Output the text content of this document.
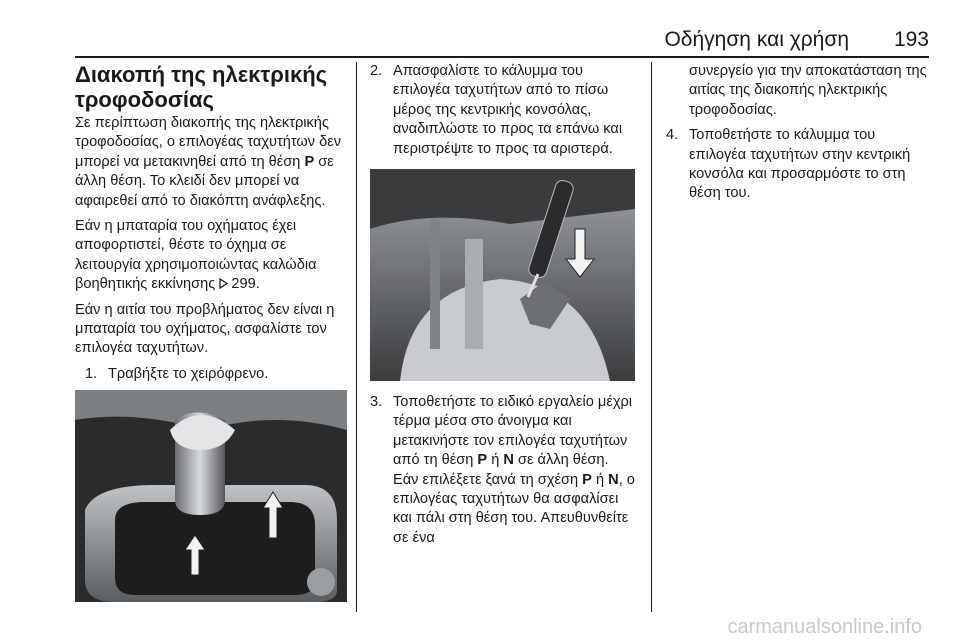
Οδήγηση και χρήση 193
Διακοπή της ηλεκτρικής
τροφοδοσίας

Σε περίπτωση διακοπής της ηλεκτρικής τροφοδοσίας, ο επιλογέας ταχυτήτων δεν μπορεί να μετακινηθεί από τη θέση P σε άλλη θέση. Το κλειδί δεν μπορεί να αφαιρεθεί από το διακόπτη ανάφλεξης.

Εάν η μπαταρία του οχήματος έχει αποφορτιστεί, θέστε το όχημα σε λειτουργία χρησιμοποιώντας καλώδια βοηθητικής εκκίνησης 299.

Εάν η αιτία του προβλήματος δεν είναι η μπαταρία του οχήματος, ασφαλίστε τον επιλογέα ταχυτήτων.

1. Τραβήξτε το χειρόφρενο.
2. Απασφαλίστε το κάλυμμα του επιλογέα ταχυτήτων από το πίσω μέρος της κεντρικής κονσόλας, αναδιπλώστε το προς τα επάνω και περιστρέψτε το προς τα αριστερά.
3. Τοποθετήστε το ειδικό εργαλείο μέχρι τέρμα μέσα στο άνοιγμα και μετακινήστε τον επιλογέα ταχυτήτων από τη θέση P ή N σε άλλη θέση. Εάν επιλέξετε ξανά τη σχέση P ή N, ο επιλογέας ταχυτήτων θα ασφαλίσει και πάλι στη θέση του. Απευθυνθείτε σε ένα
συνεργείο για την αποκατάσταση της αιτίας της διακοπής ηλεκτρικής τροφοδοσίας.
4. Τοποθετήστε το κάλυμμα του επιλογέα ταχυτήτων στην κεντρική κονσόλα και προσαρμόστε το στη θέση του.
carmanualsonline.info
